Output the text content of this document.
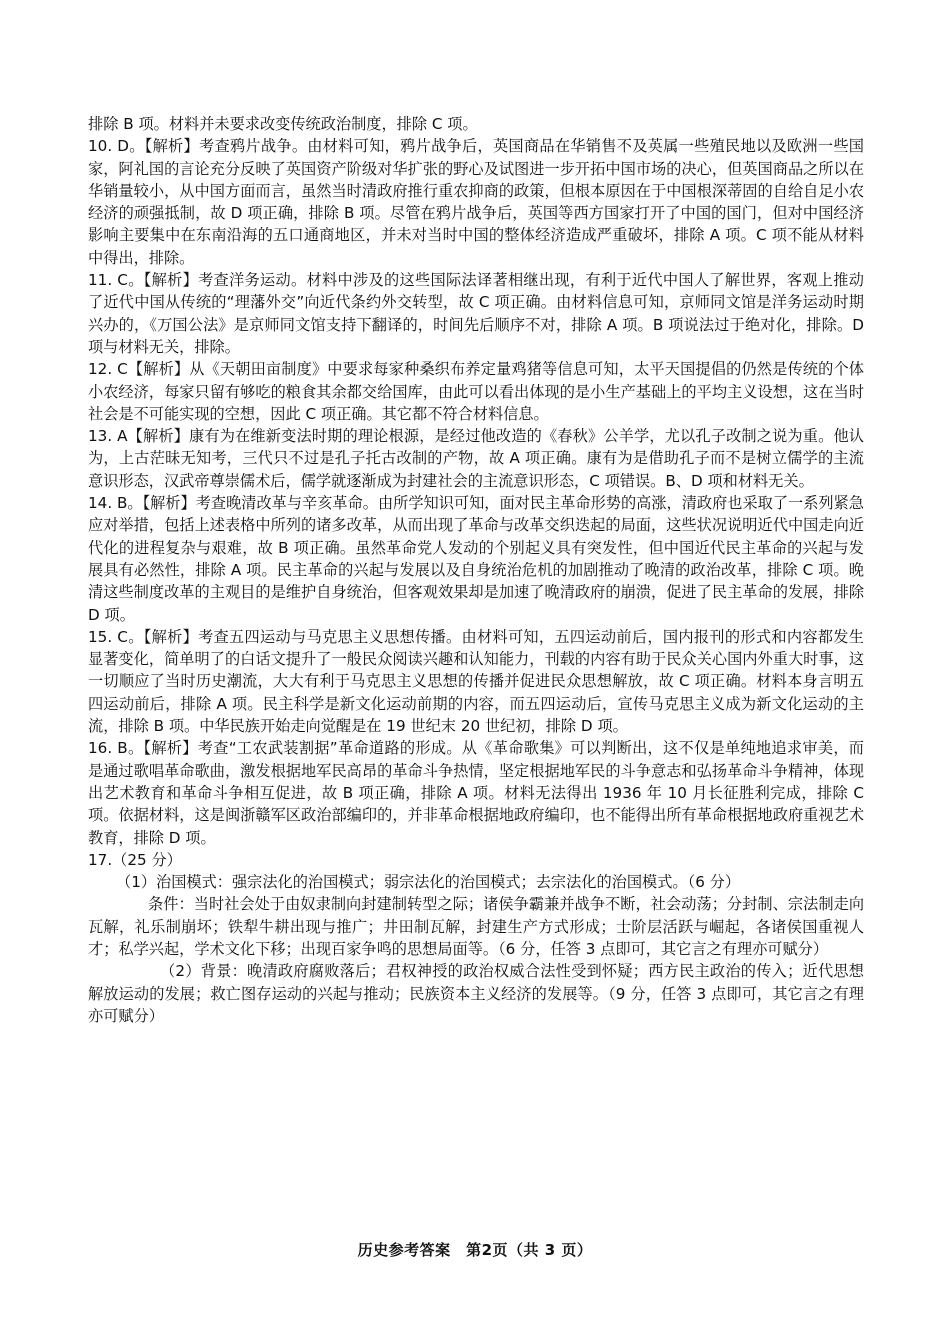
排除 B 项。材料并未要求改变传统政治制度，排除 C 项。

10. D。【解析】考查鸦片战争。由材料可知，鸦片战争后，英国商品在华销售不及英属一些殖民地以及欧洲一些国家，阿礼国的言论充分反映了英国资产阶级对华扩张的野心及试图进一步开拓中国市场的决心，但英国商品之所以在华销量较小，从中国方面而言，虽然当时清政府推行重农抑商的政策，但根本原因在于中国根深蒂固的自给自足小农经济的顽强抵制，故 D 项正确，排除 B 项。尽管在鸦片战争后，英国等西方国家打开了中国的国门，但对中国经济影响主要集中在东南沿海的五口通商地区，并未对当时中国的整体经济造成严重破坏，排除 A 项。C 项不能从材料中得出，排除。

11. C。【解析】考查洋务运动。材料中涉及的这些国际法译著相继出现，有利于近代中国人了解世界，客观上推动了近代中国从传统的“理藩外交”向近代条约外交转型，故 C 项正确。由材料信息可知，京师同文馆是洋务运动时期兴办的，《万国公法》是京师同文馆支持下翻译的，时间先后顺序不对，排除 A 项。B 项说法过于绝对化，排除。D 项与材料无关，排除。

12. C【解析】从《天朝田亩制度》中要求每家种桑织布养定量鸡猪等信息可知，太平天国提倡的仍然是传统的个体小农经济，每家只留有够吃的粮食其余都交给国库，由此可以看出体现的是小生产基础上的平均主义设想，这在当时社会是不可能实现的空想，因此 C 项正确。其它都不符合材料信息。

13. A【解析】康有为在维新变法时期的理论根源，是经过他改造的《春秋》公羊学，尤以孔子改制之说为重。他认为，上古茫昧无知考，三代只不过是孔子托古改制的产物，故 A 项正确。康有为是借助孔子而不是树立儒学的主流意识形态，汉武帝尊崇儒术后，儒学就逐渐成为封建社会的主流意识形态，C 项错误。B、D 项和材料无关。

14. B。【解析】考查晚清改革与辛亥革命。由所学知识可知，面对民主革命形势的高涨，清政府也采取了一系列紧急应对举措，包括上述表格中所列的诸多改革，从而出现了革命与改革交织迭起的局面，这些状况说明近代中国走向近代化的进程复杂与艰难，故 B 项正确。虽然革命党人发动的个别起义具有突发性，但中国近代民主革命的兴起与发展具有必然性，排除 A 项。民主革命的兴起与发展以及自身统治危机的加剧推动了晚清的政治改革，排除 C 项。晚清这些制度改革的主观目的是维护自身统治，但客观效果却是加速了晚清政府的崩溃，促进了民主革命的发展，排除 D 项。

15. C。【解析】考查五四运动与马克思主义思想传播。由材料可知，五四运动前后，国内报刊的形式和内容都发生显著变化，简单明了的白话文提升了一般民众阅读兴趣和认知能力，刊载的内容有助于民众关心国内外重大时事，这一切顺应了当时历史潮流，大大有利于马克思主义思想的传播并促进民众思想解放，故 C 项正确。材料本身言明五四运动前后，排除 A 项。民主科学是新文化运动前期的内容，而五四运动后，宣传马克思主义成为新文化运动的主流，排除 B 项。中华民族开始走向觉醒是在 19 世纪末 20 世纪初，排除 D 项。

16. B。【解析】考查“工农武装割据”革命道路的形成。从《革命歌集》可以判断出，这不仅是单纯地追求审美，而是通过歌唱革命歌曲，激发根据地军民高昂的革命斗争热情，坚定根据地军民的斗争意志和弘扬革命斗争精神，体现出艺术教育和革命斗争相互促进，故 B 项正确，排除 A 项。材料无法得出 1936 年 10 月长征胜利完成，排除 C 项。依据材料，这是闽浙赣军区政治部编印的，并非革命根据地政府编印，也不能得出所有革命根据地政府重视艺术教育，排除 D 项。

17.（25 分）

（1）治国模式：强宗法化的治国模式；弱宗法化的治国模式；去宗法化的治国模式。（6 分）

条件：当时社会处于由奴隶制向封建制转型之际；诸侯争霸兼并战争不断，社会动荡；分封制、宗法制走向瓦解，礼乐制崩坏；铁犁牛耕出现与推广；井田制瓦解，封建生产方式形成；士阶层活跃与崛起，各诸侯国重视人才；私学兴起，学术文化下移；出现百家争鸣的思想局面等。（6 分，任答 3 点即可，其它言之有理亦可赋分）

（2）背景：晚清政府腐败落后；君权神授的政治权威合法性受到怀疑；西方民主政治的传入；近代思想解放运动的发展；救亡图存运动的兴起与推动；民族资本主义经济的发展等。（9 分，任答 3 点即可，其它言之有理亦可赋分）

历史参考答案　第2页（共 3 页）
